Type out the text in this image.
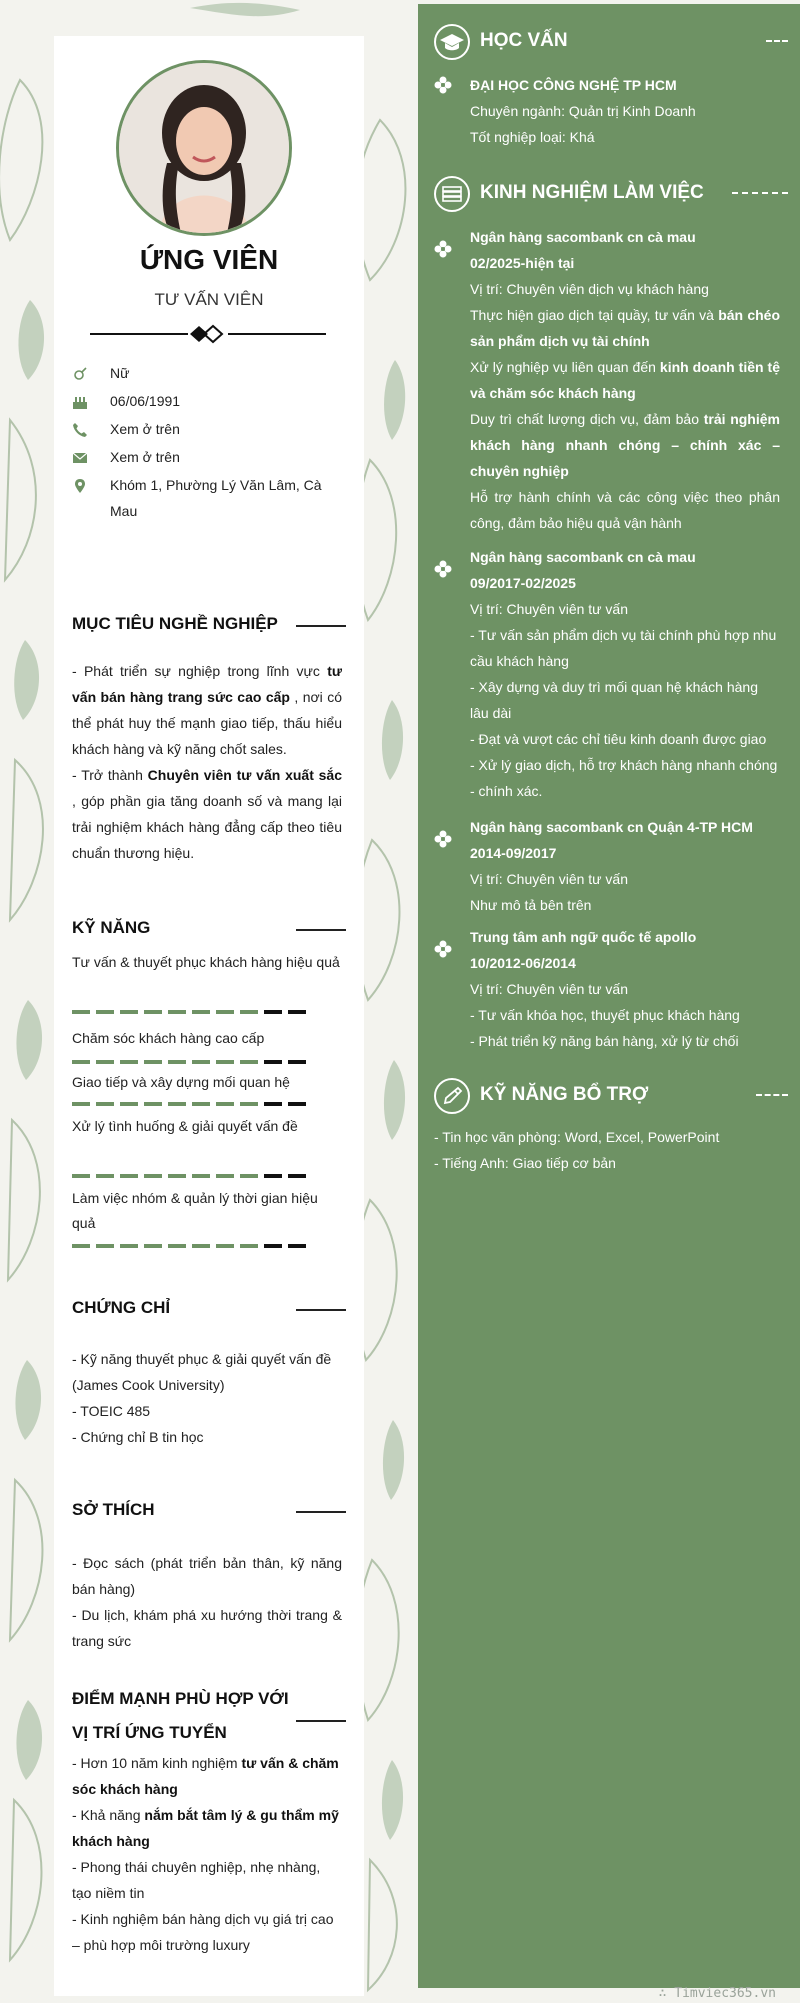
ỨNG VIÊN
TƯ VẤN VIÊN
Nữ
06/06/1991
Xem ở trên
Xem ở trên
Khóm 1, Phường Lý Văn Lâm, Cà Mau
MỤC TIÊU NGHỀ NGHIỆP
- Phát triển sự nghiệp trong lĩnh vực tư vấn bán hàng trang sức cao cấp , nơi có thể phát huy thế mạnh giao tiếp, thấu hiểu khách hàng và kỹ năng chốt sales.
- Trở thành Chuyên viên tư vấn xuất sắc , góp phần gia tăng doanh số và mang lại trải nghiệm khách hàng đẳng cấp theo tiêu chuẩn thương hiệu.
KỸ NĂNG
Tư vấn & thuyết phục khách hàng hiệu quả
Chăm sóc khách hàng cao cấp
Giao tiếp và xây dựng mối quan hệ
Xử lý tình huống & giải quyết vấn đề
Làm việc nhóm & quản lý thời gian hiệu quả
CHỨNG CHỈ
- Kỹ năng thuyết phục & giải quyết vấn đề (James Cook University)
- TOEIC 485
- Chứng chỉ B tin học
SỞ THÍCH
- Đọc sách (phát triển bản thân, kỹ năng bán hàng)
- Du lịch, khám phá xu hướng thời trang & trang sức
ĐIỂM MẠNH PHÙ HỢP VỚI
VỊ TRÍ ỨNG TUYỂN
- Hơn 10 năm kinh nghiệm tư vấn & chăm sóc khách hàng
- Khả năng nắm bắt tâm lý & gu thẩm mỹ khách hàng
- Phong thái chuyên nghiệp, nhẹ nhàng, tạo niềm tin
- Kinh nghiệm bán hàng dịch vụ giá trị cao – phù hợp môi trường luxury
HỌC VẤN
ĐẠI HỌC CÔNG NGHỆ TP HCM
Chuyên ngành: Quản trị Kinh Doanh
Tốt nghiệp loại: Khá
KINH NGHIỆM LÀM VIỆC
Ngân hàng sacombank cn cà mau
02/2025-hiện tại
Vị trí: Chuyên viên dịch vụ khách hàng
Thực hiện giao dịch tại quầy, tư vấn và bán chéo sản phẩm dịch vụ tài chính
Xử lý nghiệp vụ liên quan đến kinh doanh tiền tệ và chăm sóc khách hàng
Duy trì chất lượng dịch vụ, đảm bảo trải nghiệm khách hàng nhanh chóng – chính xác – chuyên nghiệp
Hỗ trợ hành chính và các công việc theo phân công, đảm bảo hiệu quả vận hành
Ngân hàng sacombank cn cà mau
09/2017-02/2025
Vị trí: Chuyên viên tư vấn
- Tư vấn sản phẩm dịch vụ tài chính phù hợp nhu cầu khách hàng
- Xây dựng và duy trì mối quan hệ khách hàng lâu dài
- Đạt và vượt các chỉ tiêu kinh doanh được giao
- Xử lý giao dịch, hỗ trợ khách hàng nhanh chóng - chính xác.
Ngân hàng sacombank cn Quận 4-TP HCM
2014-09/2017
Vị trí: Chuyên viên tư vấn
Như mô tả bên trên
Trung tâm anh ngữ quốc tế apollo
10/2012-06/2014
Vị trí: Chuyên viên tư vấn
- Tư vấn khóa học, thuyết phục khách hàng
- Phát triển kỹ năng bán hàng, xử lý từ chối
KỸ NĂNG BỔ TRỢ
- Tin học văn phòng: Word, Excel, PowerPoint
- Tiếng Anh: Giao tiếp cơ bản
∴ Timviec365.vn
